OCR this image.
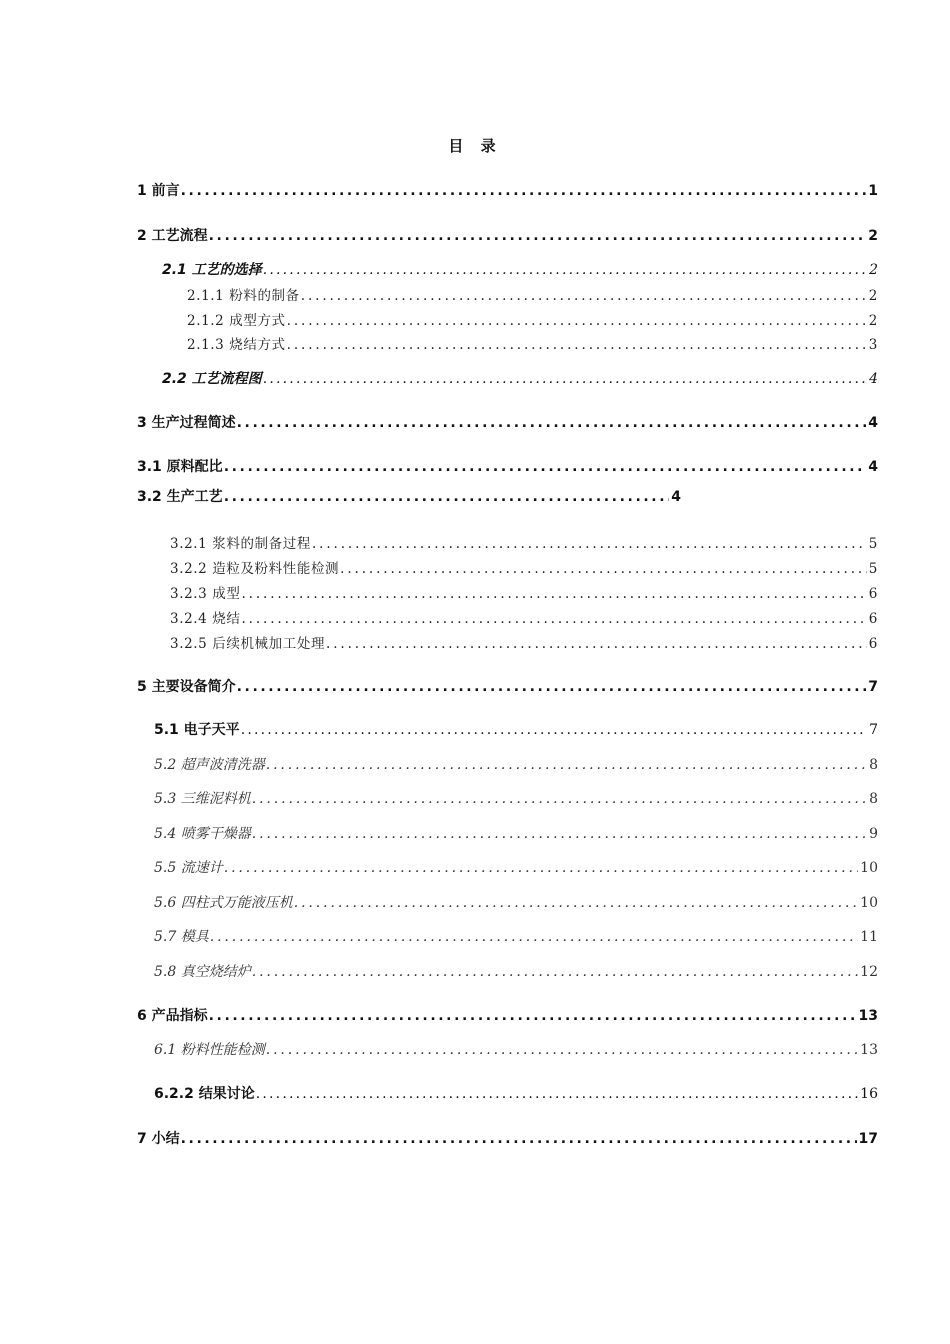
目 录
1 前言 .....	1
2 工艺流程 .....	2
2.1 工艺的选择 .....	2
2.1.1 粉料的制备 .....	2
2.1.2 成型方式 .....	2
2.1.3 烧结方式 .....	3
2.2 工艺流程图 .....	4
3 生产过程简述 .....	4
3.1 原料配比 .....	4
3.2 生产工艺 .....	4
3.2.1 浆料的制备过程 .....	5
3.2.2 造粒及粉料性能检测 .....	5
3.2.3 成型 .....	6
3.2.4 烧结 .....	6
3.2.5 后续机械加工处理 .....	6
5 主要设备简介 .....	7
5.1 电子天平 .....	7
5.2 超声波清洗器 .....	8
5.3 三维泥料机 .....	8
5.4 喷雾干燥器 .....	9
5.5 流速计 .....	10
5.6 四柱式万能液压机 .....	10
5.7 模具 .....	11
5.8 真空烧结炉 .....	12
6 产品指标 .....	13
6.1 粉料性能检测 .....	13
6.2.2 结果讨论 .....	16
7 小结 .....	17
